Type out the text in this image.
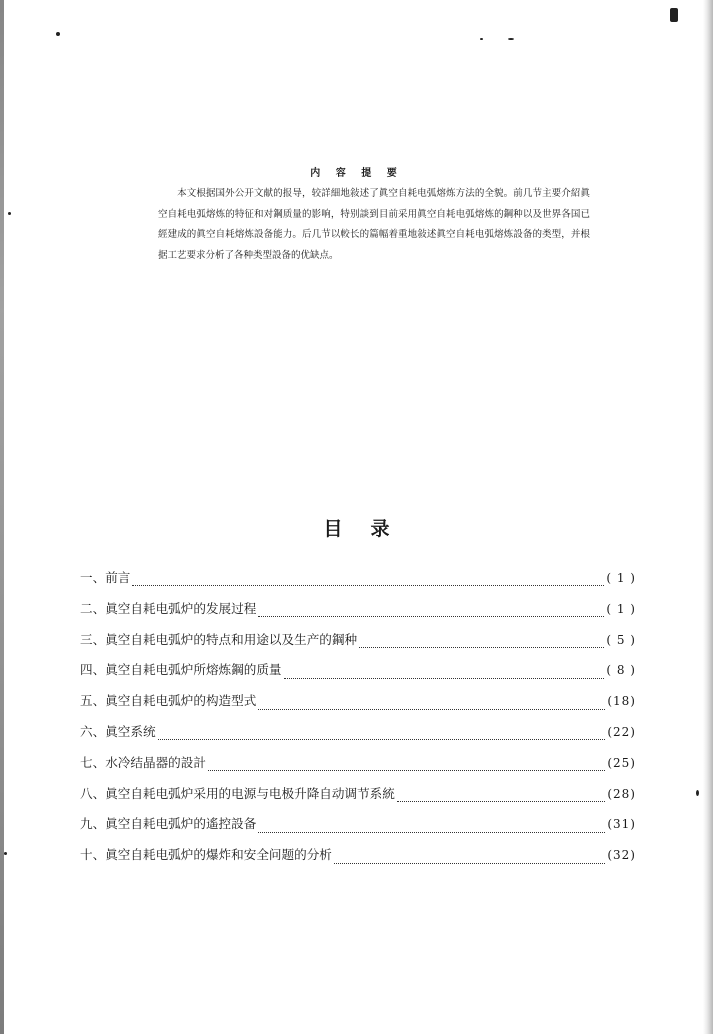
内 容 提 要
本文根据国外公开文献的报导，较詳細地敍述了眞空自耗电弧熔炼方法的全貌。前几节主要介紹眞空自耗电弧熔炼的特征和对鋼质量的影响，特别談到目前采用眞空自耗电弧熔炼的鋼种以及世界各国已經建成的眞空自耗熔炼設备能力。后几节以較长的篇幅着重地敍述眞空自耗电弧熔炼設备的类型，并根据工艺要求分析了各种类型設备的优缺点。
目录
一、 前言	( 1 )
二、 眞空自耗电弧炉的发展过程	( 1 )
三、 眞空自耗电弧炉的特点和用途以及生产的鋼种	( 5 )
四、 眞空自耗电弧炉所熔炼鋼的质量	( 8 )
五、 眞空自耗电弧炉的构造型式	(18)
六、 眞空系统	(22)
七、 水冷结晶器的設計	(25)
八、 眞空自耗电弧炉采用的电源与电极升降自动调节系統	(28)
九、 眞空自耗电弧炉的遙控設备	(31)
十、 眞空自耗电弧炉的爆炸和安全问题的分析	(32)
